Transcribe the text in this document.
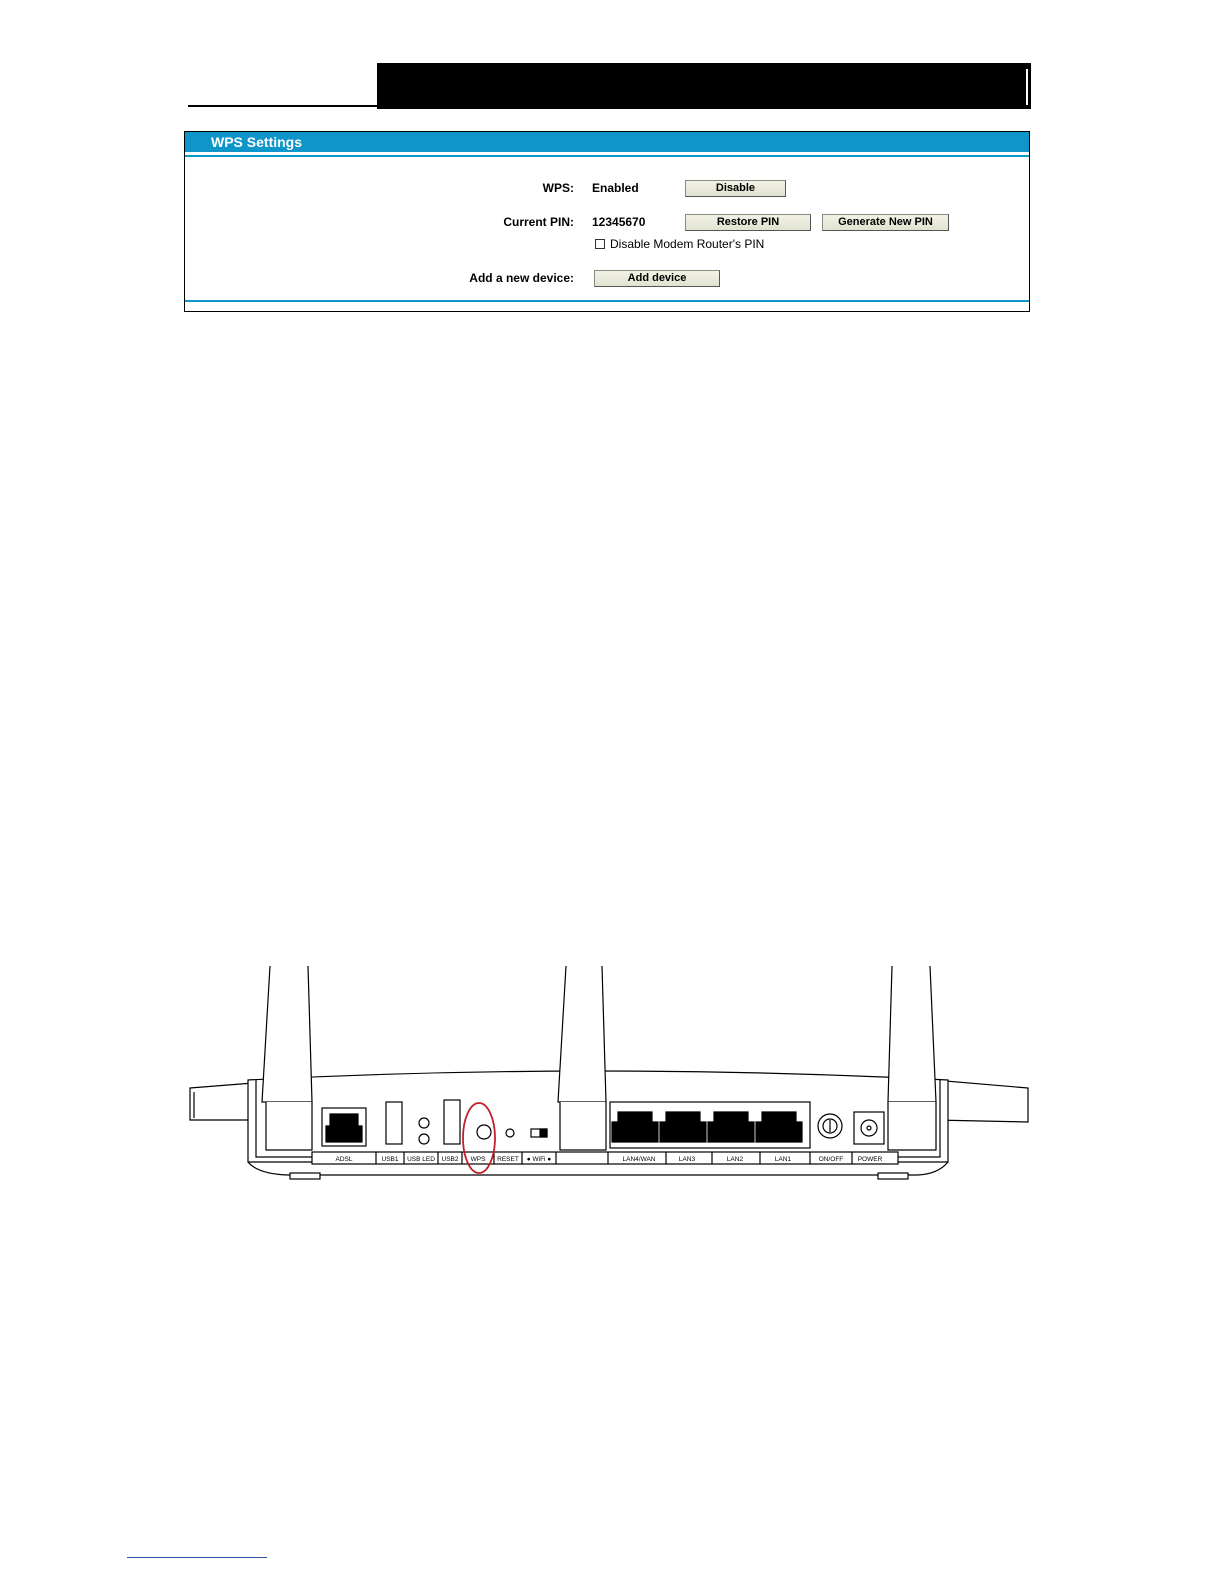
WPS Settings
WPS: Enabled	Disable
Current PIN: 12345670	Restore PIN	Generate New PIN
Disable Modem Router's PIN
Add a new device:	Add device
ADSL	USB1 USB LED USB2 WPS RESET ● WiFi ●	LAN4/WAN	LAN3	LAN2	LAN1	ON/OFF POWER
